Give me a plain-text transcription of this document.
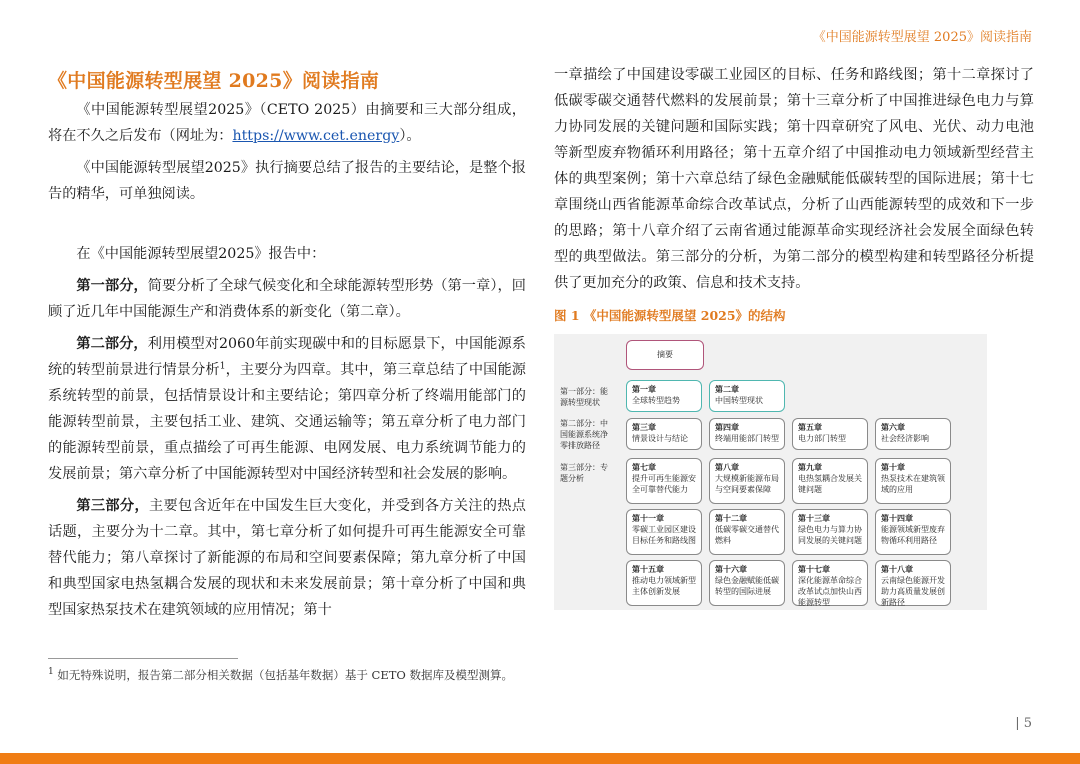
《中国能源转型展望 2025》阅读指南
《中国能源转型展望 2025》阅读指南

《中国能源转型展望2025》（CETO 2025）由摘要和三大部分组成，将在不久之后发布（网址为：https://www.cet.energy）。

《中国能源转型展望2025》执行摘要总结了报告的主要结论，是整个报告的精华，可单独阅读。

在《中国能源转型展望2025》报告中：

第一部分，简要分析了全球气候变化和全球能源转型形势（第一章），回顾了近几年中国能源生产和消费体系的新变化（第二章）。

第二部分，利用模型对2060年前实现碳中和的目标愿景下，中国能源系统的转型前景进行情景分析$^1$，主要分为四章。其中，第三章总结了中国能源系统转型的前景，包括情景设计和主要结论；第四章分析了终端用能部门的能源转型前景，主要包括工业、建筑、交通运输等；第五章分析了电力部门的能源转型前景，重点描绘了可再生能源、电网发展、电力系统调节能力的发展前景；第六章分析了中国能源转型对中国经济转型和社会发展的影响。

第三部分，主要包含近年在中国发生巨大变化，并受到各方关注的热点话题，主要分为十二章。其中，第七章分析了如何提升可再生能源安全可靠替代能力；第八章探讨了新能源的布局和空间要素保障；第九章分析了中国和典型国家电热氢耦合发展的现状和未来发展前景；第十章分析了中国和典型国家热泵技术在建筑领域的应用情况；第十

$^1$ 如无特殊说明，报告第二部分相关数据（包括基年数据）基于 CETO 数据库及模型测算。

一章描绘了中国建设零碳工业园区的目标、任务和路线图；第十二章探讨了低碳零碳交通替代燃料的发展前景；第十三章分析了中国推进绿色电力与算力协同发展的关键问题和国际实践；第十四章研究了风电、光伏、动力电池等新型废弃物循环利用路径；第十五章介绍了中国推动电力领域新型经营主体的典型案例；第十六章总结了绿色金融赋能低碳转型的国际进展；第十七章围绕山西省能源革命综合改革试点，分析了山西能源转型的成效和下一步的思路；第十八章介绍了云南省通过能源革命实现经济社会发展全面绿色转型的典型做法。第三部分的分析，为第二部分的模型构建和转型路径分析提供了更加充分的政策、信息和技术支持。

图 1 《中国能源转型展望 2025》的结构
摘要
第一部分：能源转型现状
第二部分：中国能源系统净零排放路径
第三部分：专题分析
第一章
全球转型趋势
第二章
中国转型现状
第三章
情景设计与结论
第四章
终端用能部门转型
第五章
电力部门转型
第六章
社会经济影响
第七章
提升可再生能源安全可靠替代能力
第八章
大规模新能源布局与空间要素保障
第九章
电热氢耦合发展关键问题
第十章
热泵技术在建筑领域的应用
第十一章
零碳工业园区建设目标任务和路线图
第十二章
低碳零碳交通替代燃料
第十三章
绿色电力与算力协同发展的关键问题
第十四章
能源领域新型废弃物循环利用路径
第十五章
推动电力领域新型主体创新发展
第十六章
绿色金融赋能低碳转型的国际进展
第十七章
深化能源革命综合改革试点加快山西能源转型
第十八章
云南绿色能源开发助力高质量发展创新路径
| 5
